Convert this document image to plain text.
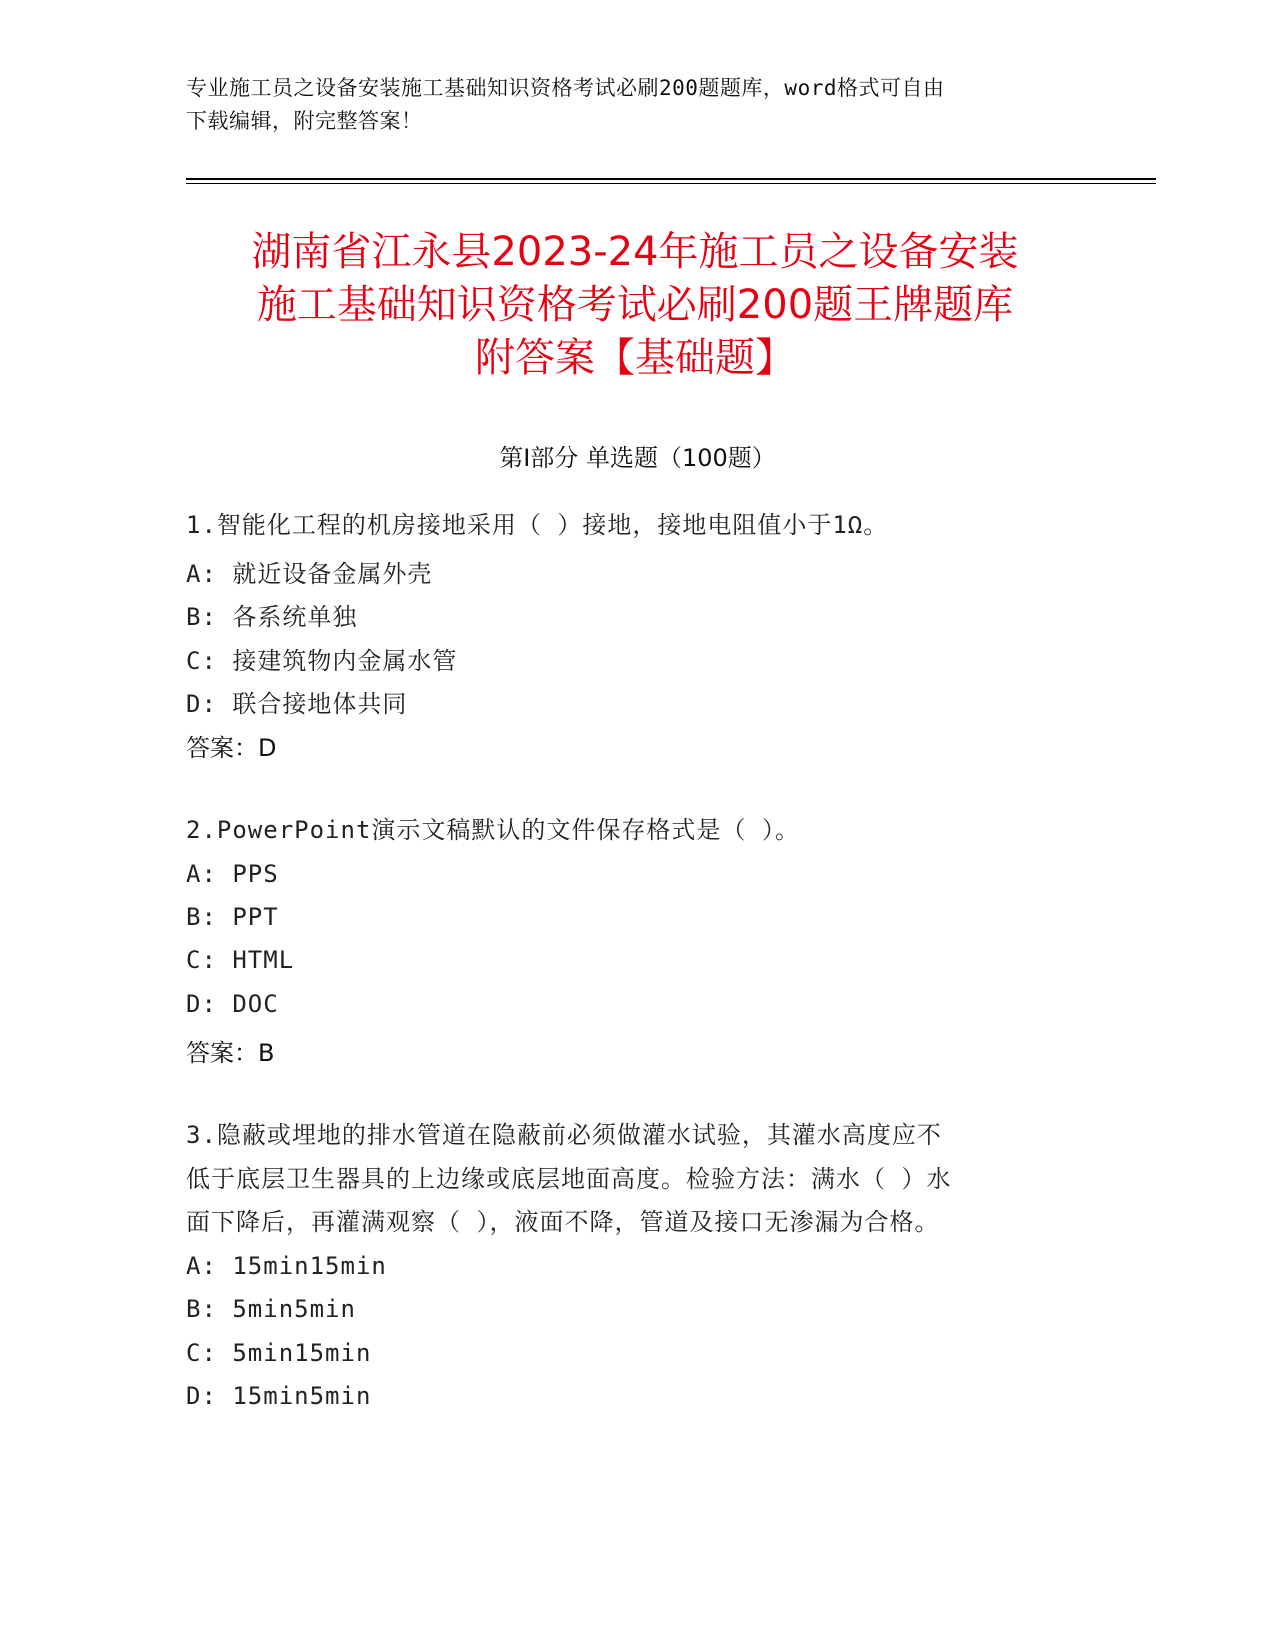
专业施工员之设备安装施工基础知识资格考试必刷200题题库，word格式可自由
下载编辑，附完整答案！
湖南省江永县2023-24年施工员之设备安装
施工基础知识资格考试必刷200题王牌题库
附答案【基础题】
第Ⅰ部分 单选题（100题）
1.智能化工程的机房接地采用（ ）接地，接地电阻值小于1Ω。
A: 就近设备金属外壳
B: 各系统单独
C: 接建筑物内金属水管
D: 联合接地体共同
答案：D
2.PowerPoint演示文稿默认的文件保存格式是（ ）。
A: PPS
B: PPT
C: HTML
D: DOC
答案：B
3.隐蔽或埋地的排水管道在隐蔽前必须做灌水试验，其灌水高度应不
低于底层卫生器具的上边缘或底层地面高度。检验方法：满水（ ）水
面下降后，再灌满观察（ ），液面不降，管道及接口无渗漏为合格。
A: 15min15min
B: 5min5min
C: 5min15min
D: 15min5min
